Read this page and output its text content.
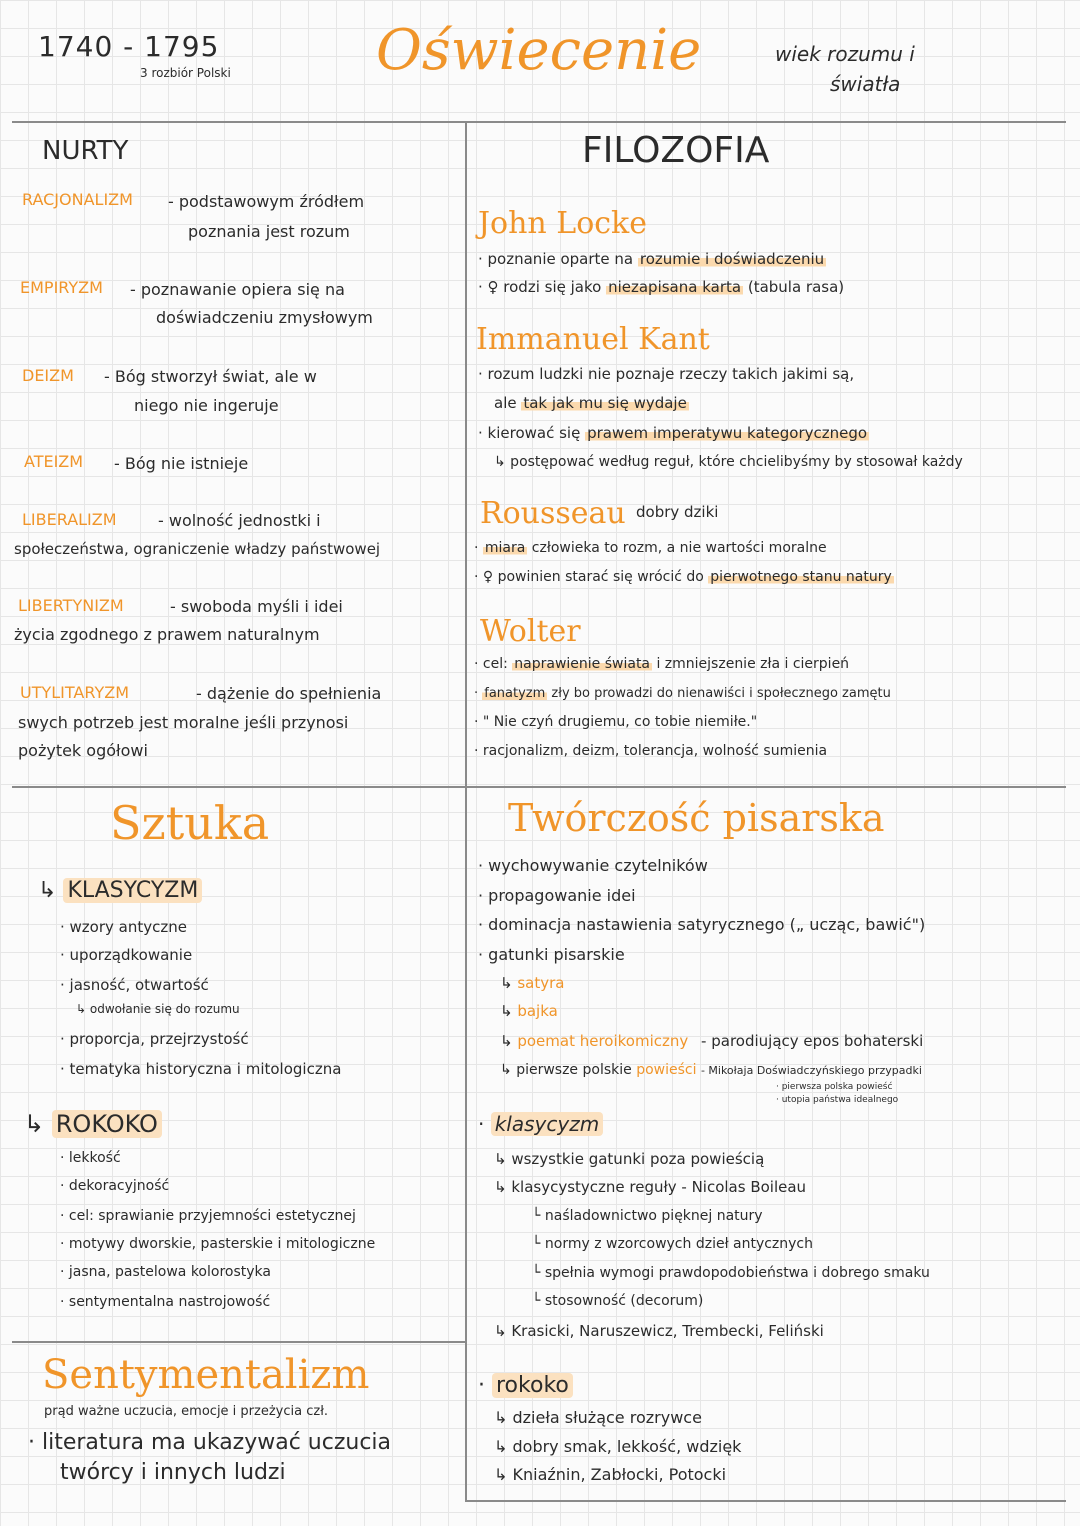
1740 - 1795
3 rozbiór Polski	Oświecenie	wiek rozumu i
światła
NURTY
RACJONALIZM - podstawowym źródłem
poznania jest rozum
EMPIRYZM - poznawanie opiera się na
doświadczeniu zmysłowym
DEIZM - Bóg stworzył świat, ale w
niego nie ingeruje
ATEIZM - Bóg nie istnieje
LIBERALIZM	- wolność jednostki i
społeczeństwa, ograniczenie władzy państwowej
LIBERTYNIZM	- swoboda myśli i idei
życia zgodnego z prawem naturalnym
UTYLITARYZM	- dążenie do spełnienia
swych potrzeb jest moralne jeśli przynosi
pożytek ogółowi
FILOZOFIA
John Locke
· poznanie oparte na rozumie i doświadczeniu
· ♀ rodzi się jako niezapisana karta (tabula rasa)
Immanuel Kant
· rozum ludzki nie poznaje rzeczy takich jakimi są,
ale tak jak mu się wydaje
· kierować się prawem imperatywu kategorycznego
↳ postępować według reguł, które chcielibyśmy by stosował każdy
Rousseau dobry dziki
· miara człowieka to rozm, a nie wartości moralne
· ♀ powinien starać się wrócić do pierwotnego stanu natury
Wolter
· cel: naprawienie świata i zmniejszenie zła i cierpień
· fanatyzm zły bo prowadzi do nienawiści i społecznego zamętu
· " Nie czyń drugiemu, co tobie niemiłe."
· racjonalizm, deizm, tolerancja, wolność sumienia
Sztuka
↳ KLASYCYZM
· wzory antyczne
· uporządkowanie
· jasność, otwartość
↳ odwołanie się do rozumu
· proporcja, przejrzystość
· tematyka historyczna i mitologiczna
↳ ROKOKO
· lekkość
· dekoracyjność
· cel: sprawianie przyjemności estetycznej
· motywy dworskie, pasterskie i mitologiczne
· jasna, pastelowa kolorostyka
· sentymentalna nastrojowość
Sentymentalizm
prąd ważne uczucia, emocje i przeżycia czł.
· literatura ma ukazywać uczucia
twórcy i innych ludzi
Twórczość pisarska
· wychowywanie czytelników
· propagowanie idei
· dominacja nastawienia satyrycznego („ ucząc, bawić")
· gatunki pisarskie
↳ satyra
↳ bajka
↳ poemat heroikomiczny - parodiujący epos bohaterski
↳ pierwsze polskie powieści - Mikołaja Doświadczyńskiego przypadki
· pierwsza polska powieść
· utopia państwa idealnego
· klasycyzm
↳ wszystkie gatunki poza powieścią
↳ klasycystyczne reguły - Nicolas Boileau
└ naśladownictwo pięknej natury
└ normy z wzorcowych dzieł antycznych
└ spełnia wymogi prawdopodobieństwa i dobrego smaku
└ stosowność (decorum)
↳ Krasicki, Naruszewicz, Trembecki, Feliński
· rokoko
↳ dzieła służące rozrywce
↳ dobry smak, lekkość, wdzięk
↳ Kniaźnin, Zabłocki, Potocki
